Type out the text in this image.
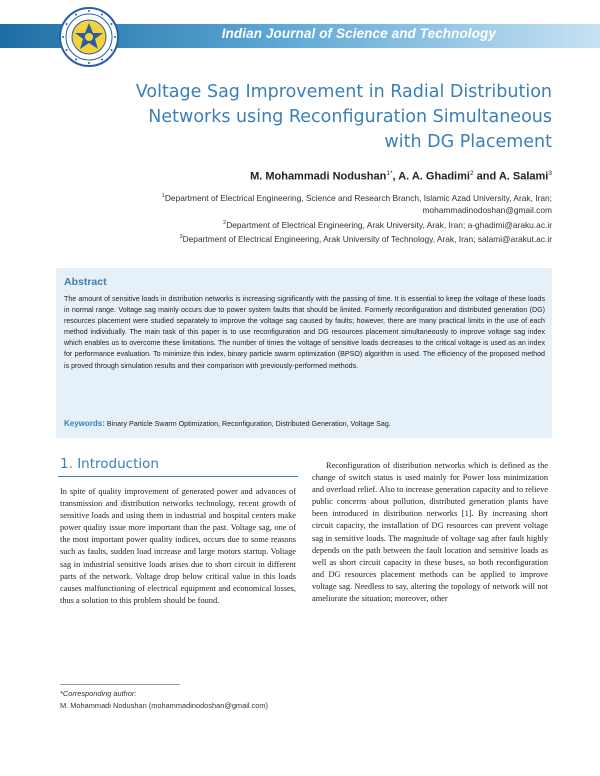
Indian Journal of Science and Technology
Voltage Sag Improvement in Radial Distribution
Networks using Reconfiguration Simultaneous
with DG Placement
M. Mohammadi Nodushan$^{1*}$, A. A. Ghadimi$^2$ and A. Salami$^3$
$^1$Department of Electrical Engineering, Science and Research Branch, Islamic Azad University, Arak, Iran;
mohammadinodoshan@gmail.com
$^2$Department of Electrical Engineering, Arak University, Arak, Iran; a-ghadimi@araku.ac.ir
$^3$Department of Electrical Engineering, Arak University of Technology, Arak, Iran; salami@arakut.ac.ir
Abstract
The amount of sensitive loads in distribution networks is increasing significantly with the passing of time. It is essential to keep the voltage of these loads in normal range. Voltage sag mainly occurs due to power system faults that should be limited. Formerly reconfiguration and distributed generation (DG) resources placement were studied separately to improve the voltage sag caused by faults; however, there are many practical limits in the use of each method individually. The main task of this paper is to use reconfiguration and DG resources placement simultaneously to improve voltage sag index which enables us to overcome these limitations. The number of times the voltage of sensitive loads decreases to the critical voltage is used as an index for performance evaluation. To minimize this index, binary particle swarm optimization (BPSO) algorithm is used. The efficiency of the proposed method is proved through simulation results and their comparison with previously-performed methods.
Keywords: Binary Particle Swarm Optimization, Reconfiguration, Distributed Generation, Voltage Sag.
1. Introduction

In spite of quality improvement of generated power and advances of transmission and distribution networks technology, recent growth of sensitive loads and using them in industrial and hospital centers make power quality issue more important than the past. Voltage sag, one of the most important power quality indices, occurs due to some reasons such as faults, sudden load increase and large motors startup. Voltage sag in industrial sensitive loads arises due to short circuit in different parts of the network. Voltage drop below critical value in this loads causes malfunctioning of electrical equipment and economical losses, thus a solution to this problem should be found.

Reconfiguration of distribution networks which is defined as the change of switch status is used mainly for Power loss minimization and overload relief. Also to increase generation capacity and to relieve public concerns about pollution, distributed generation plants have been introduced in distribution networks [1]. By increasing short circuit capacity, the installation of DG resources can prevent voltage sag in sensitive loads. The magnitude of voltage sag after fault highly depends on the path between the fault location and sensitive loads as well as short circuit capacity in these buses, so both reconfiguration and DG resources placement methods can be applied to improve voltage sag. Needless to say, altering the topology of network will not ameliorate the situation; moreover, other

*Corresponding author:
M. Mohammadi Nodushan (mohammadinodoshan@gmail.com)
